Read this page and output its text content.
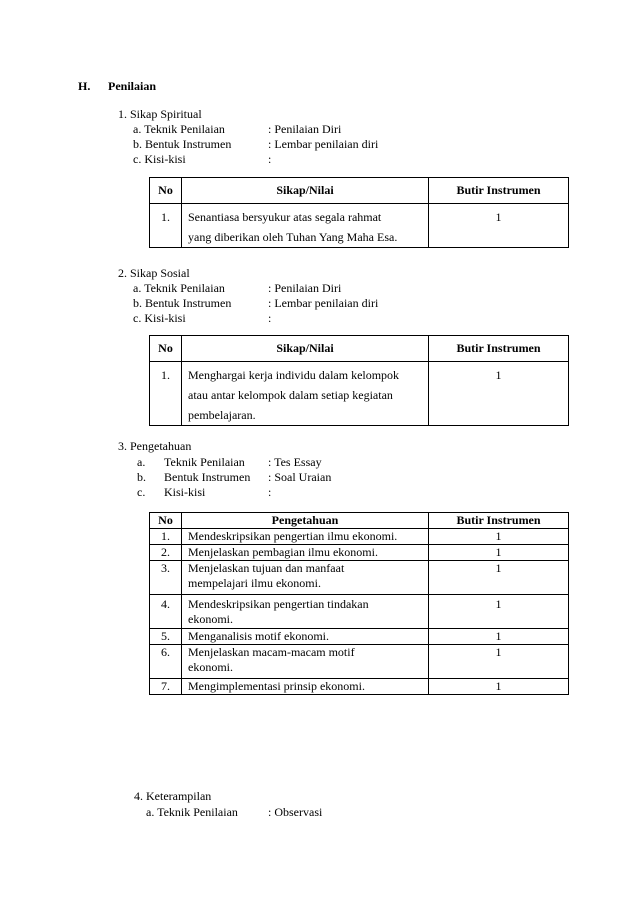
H. Penilaian
1. Sikap Spiritual
a. Teknik Penilaian	: Penilaian Diri
b. Bentuk Instrumen	: Lembar penilaian diri
c. Kisi-kisi	:
No	Sikap/Nilai	Butir Instrumen

1.	Senantiasa bersyukur atas segala rahmat
yang diberikan oleh Tuhan Yang Maha Esa.	1
2. Sikap Sosial
a. Teknik Penilaian	: Penilaian Diri
b. Bentuk Instrumen	: Lembar penilaian diri
c. Kisi-kisi	:
No	Sikap/Nilai	Butir Instrumen

1.	Menghargai kerja individu dalam kelompok
atau antar kelompok dalam setiap kegiatan
pembelajaran.	1
3. Pengetahuan
a. Teknik Penilaian : Tes Essay
b. Bentuk Instrumen : Soal Uraian
c. Kisi-kisi	:
No	Pengetahuan	Butir Instrumen
1.	Mendeskripsikan pengertian ilmu ekonomi.	1
2.	Menjelaskan pembagian ilmu ekonomi.	1
3.	Menjelaskan tujuan dan manfaat
mempelajari ilmu ekonomi.	1
4.	Mendeskripsikan pengertian tindakan
ekonomi.	1
5.	Menganalisis motif ekonomi.	1
6.	Menjelaskan macam-macam motif
ekonomi.	1
7.	Mengimplementasi prinsip ekonomi.	1
4. Keterampilan
a. Teknik Penilaian	: Observasi
